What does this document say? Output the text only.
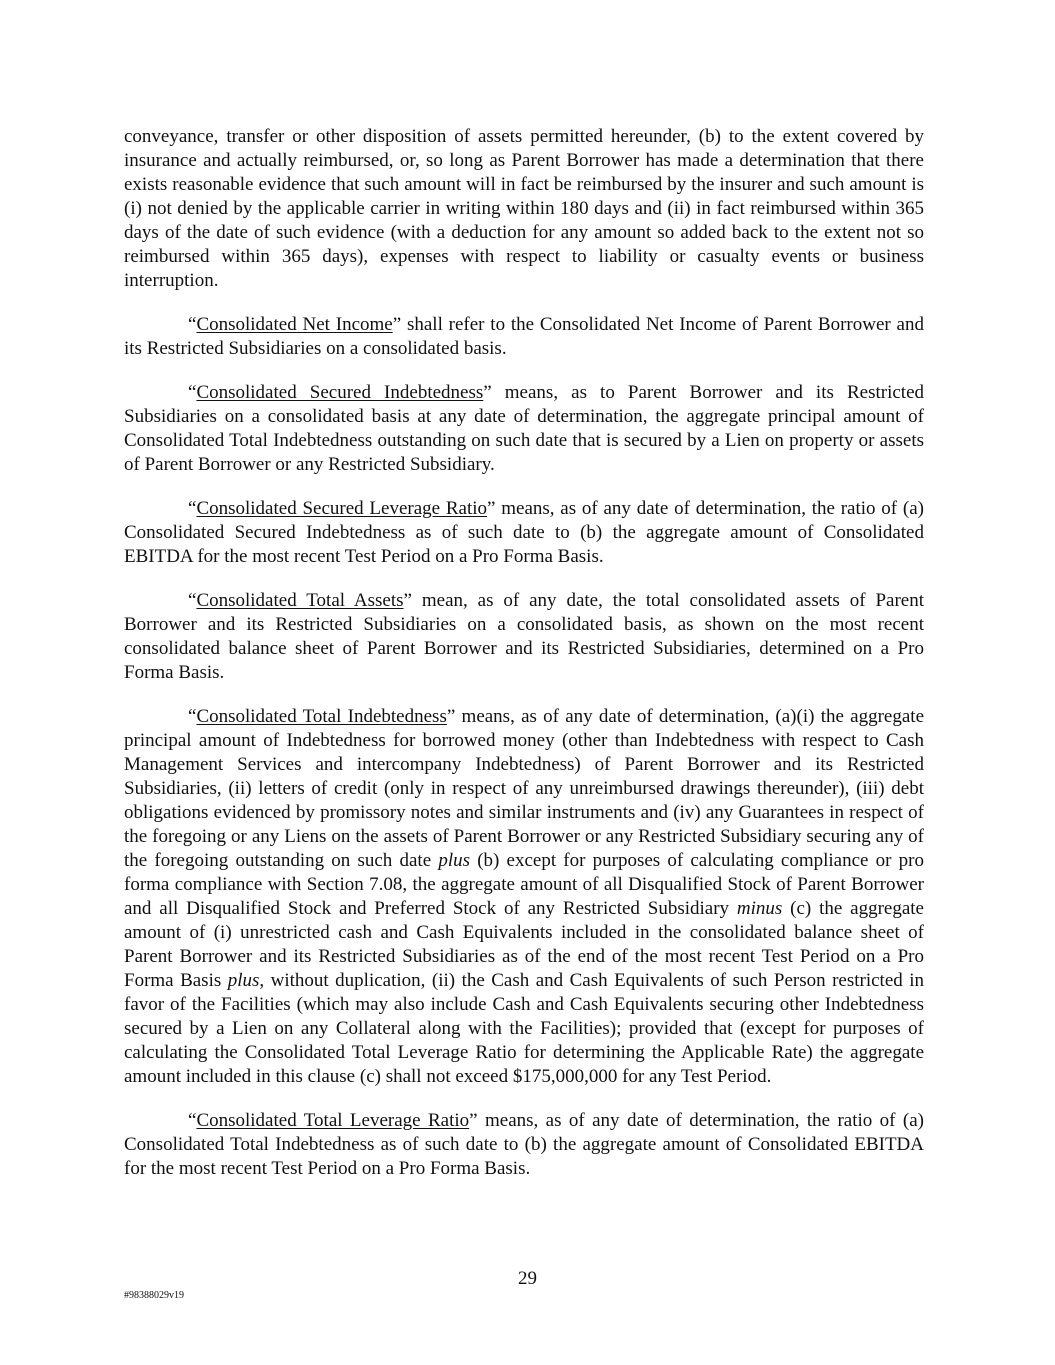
conveyance, transfer or other disposition of assets permitted hereunder, (b) to the extent covered by insurance and actually reimbursed, or, so long as Parent Borrower has made a determination that there exists reasonable evidence that such amount will in fact be reimbursed by the insurer and such amount is (i) not denied by the applicable carrier in writing within 180 days and (ii) in fact reimbursed within 365 days of the date of such evidence (with a deduction for any amount so added back to the extent not so reimbursed within 365 days), expenses with respect to liability or casualty events or business interruption.

“Consolidated Net Income” shall refer to the Consolidated Net Income of Parent Borrower and its Restricted Subsidiaries on a consolidated basis.

“Consolidated Secured Indebtedness” means, as to Parent Borrower and its Restricted Subsidiaries on a consolidated basis at any date of determination, the aggregate principal amount of Consolidated Total Indebtedness outstanding on such date that is secured by a Lien on property or assets of Parent Borrower or any Restricted Subsidiary.

“Consolidated Secured Leverage Ratio” means, as of any date of determination, the ratio of (a) Consolidated Secured Indebtedness as of such date to (b) the aggregate amount of Consolidated EBITDA for the most recent Test Period on a Pro Forma Basis.

“Consolidated Total Assets” mean, as of any date, the total consolidated assets of Parent Borrower and its Restricted Subsidiaries on a consolidated basis, as shown on the most recent consolidated balance sheet of Parent Borrower and its Restricted Subsidiaries, determined on a Pro Forma Basis.

“Consolidated Total Indebtedness” means, as of any date of determination, (a)(i) the aggregate principal amount of Indebtedness for borrowed money (other than Indebtedness with respect to Cash Management Services and intercompany Indebtedness) of Parent Borrower and its Restricted Subsidiaries, (ii) letters of credit (only in respect of any unreimbursed drawings thereunder), (iii) debt obligations evidenced by promissory notes and similar instruments and (iv) any Guarantees in respect of the foregoing or any Liens on the assets of Parent Borrower or any Restricted Subsidiary securing any of the foregoing outstanding on such date plus (b) except for purposes of calculating compliance or pro forma compliance with Section 7.08, the aggregate amount of all Disqualified Stock of Parent Borrower and all Disqualified Stock and Preferred Stock of any Restricted Subsidiary minus (c) the aggregate amount of (i) unrestricted cash and Cash Equivalents included in the consolidated balance sheet of Parent Borrower and its Restricted Subsidiaries as of the end of the most recent Test Period on a Pro Forma Basis plus, without duplication, (ii) the Cash and Cash Equivalents of such Person restricted in favor of the Facilities (which may also include Cash and Cash Equivalents securing other Indebtedness secured by a Lien on any Collateral along with the Facilities); provided that (except for purposes of calculating the Consolidated Total Leverage Ratio for determining the Applicable Rate) the aggregate amount included in this clause (c) shall not exceed $175,000,000 for any Test Period.

“Consolidated Total Leverage Ratio” means, as of any date of determination, the ratio of (a) Consolidated Total Indebtedness as of such date to (b) the aggregate amount of Consolidated EBITDA for the most recent Test Period on a Pro Forma Basis.

29
#98388029v19
